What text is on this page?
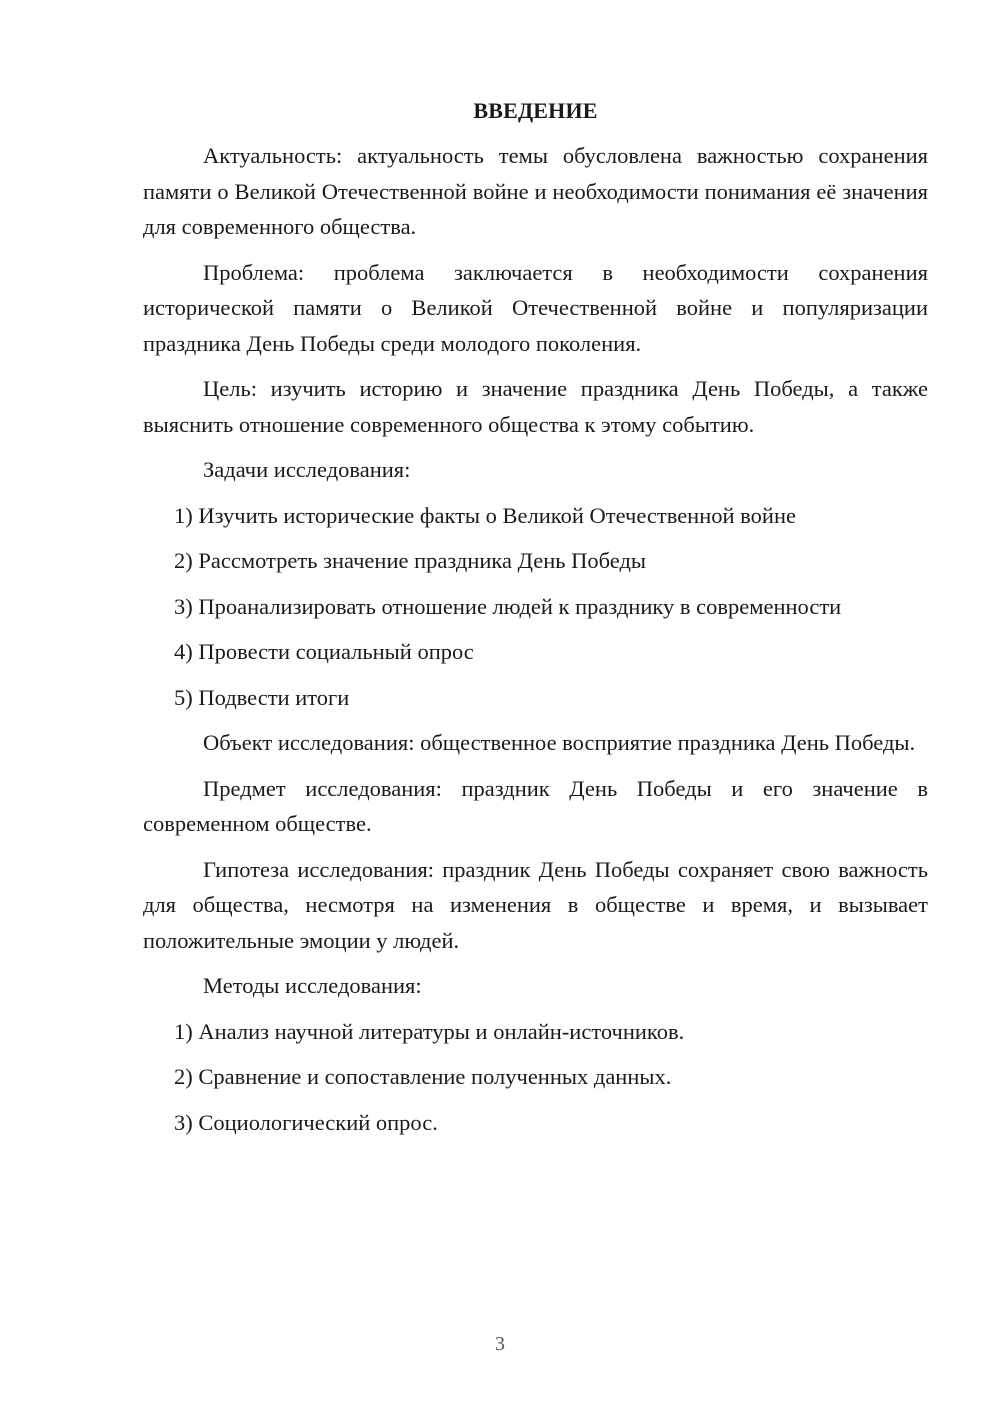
ВВЕДЕНИЕ

Актуальность: актуальность темы обусловлена важностью сохранения памяти о Великой Отечественной войне и необходимости понимания её значения для современного общества.

Проблема: проблема заключается в необходимости сохранения исторической памяти о Великой Отечественной войне и популяризации праздника День Победы среди молодого поколения.

Цель: изучить историю и значение праздника День Победы, а также выяснить отношение современного общества к этому событию.

Задачи исследования:

1) Изучить исторические факты о Великой Отечественной войне

2) Рассмотреть значение праздника День Победы

3) Проанализировать отношение людей к празднику в современности

4) Провести социальный опрос

5) Подвести итоги

Объект исследования: общественное восприятие праздника День Победы.

Предмет исследования: праздник День Победы и его значение в современном обществе.

Гипотеза исследования: праздник День Победы сохраняет свою важность для общества, несмотря на изменения в обществе и время, и вызывает положительные эмоции у людей.

Методы исследования:

1) Анализ научной литературы и онлайн-источников.

2) Сравнение и сопоставление полученных данных.

3) Социологический опрос.

3
